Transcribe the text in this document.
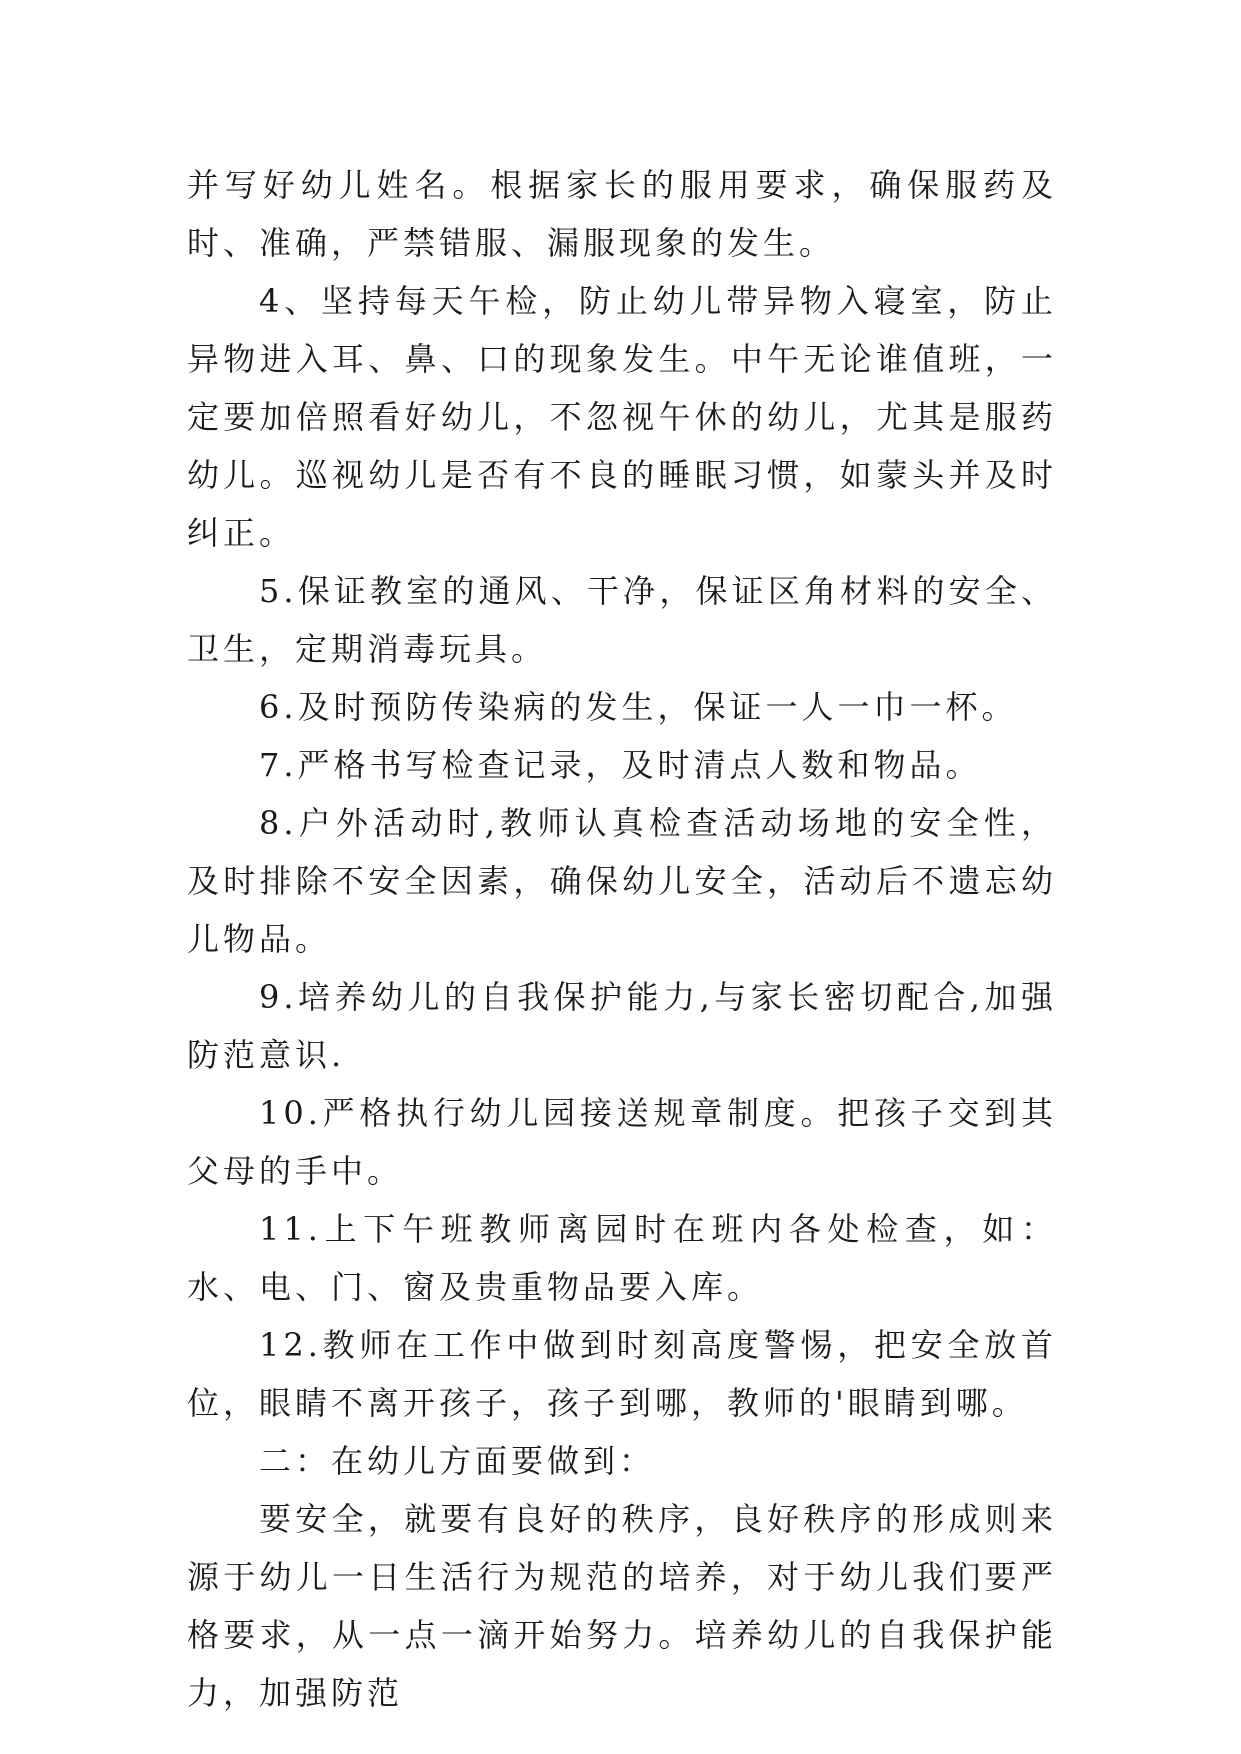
并写好幼儿姓名。根据家长的服用要求，确保服药及时、准确，严禁错服、漏服现象的发生。

4、坚持每天午检，防止幼儿带异物入寝室，防止异物进入耳、鼻、口的现象发生。中午无论谁值班，一定要加倍照看好幼儿，不忽视午休的幼儿，尤其是服药幼儿。巡视幼儿是否有不良的睡眠习惯，如蒙头并及时纠正。

5.保证教室的通风、干净，保证区角材料的安全、卫生，定期消毒玩具。

6.及时预防传染病的发生，保证一人一巾一杯。

7.严格书写检查记录，及时清点人数和物品。

8.户外活动时,教师认真检查活动场地的安全性，及时排除不安全因素，确保幼儿安全，活动后不遗忘幼儿物品。

9.培养幼儿的自我保护能力,与家长密切配合,加强防范意识.

10.严格执行幼儿园接送规章制度。把孩子交到其父母的手中。

11.上下午班教师离园时在班内各处检查，如：水、电、门、窗及贵重物品要入库。

12.教师在工作中做到时刻高度警惕，把安全放首位，眼睛不离开孩子，孩子到哪，教师的'眼睛到哪。

二：在幼儿方面要做到：

要安全，就要有良好的秩序，良好秩序的形成则来源于幼儿一日生活行为规范的培养，对于幼儿我们要严格要求，从一点一滴开始努力。培养幼儿的自我保护能力，加强防范
